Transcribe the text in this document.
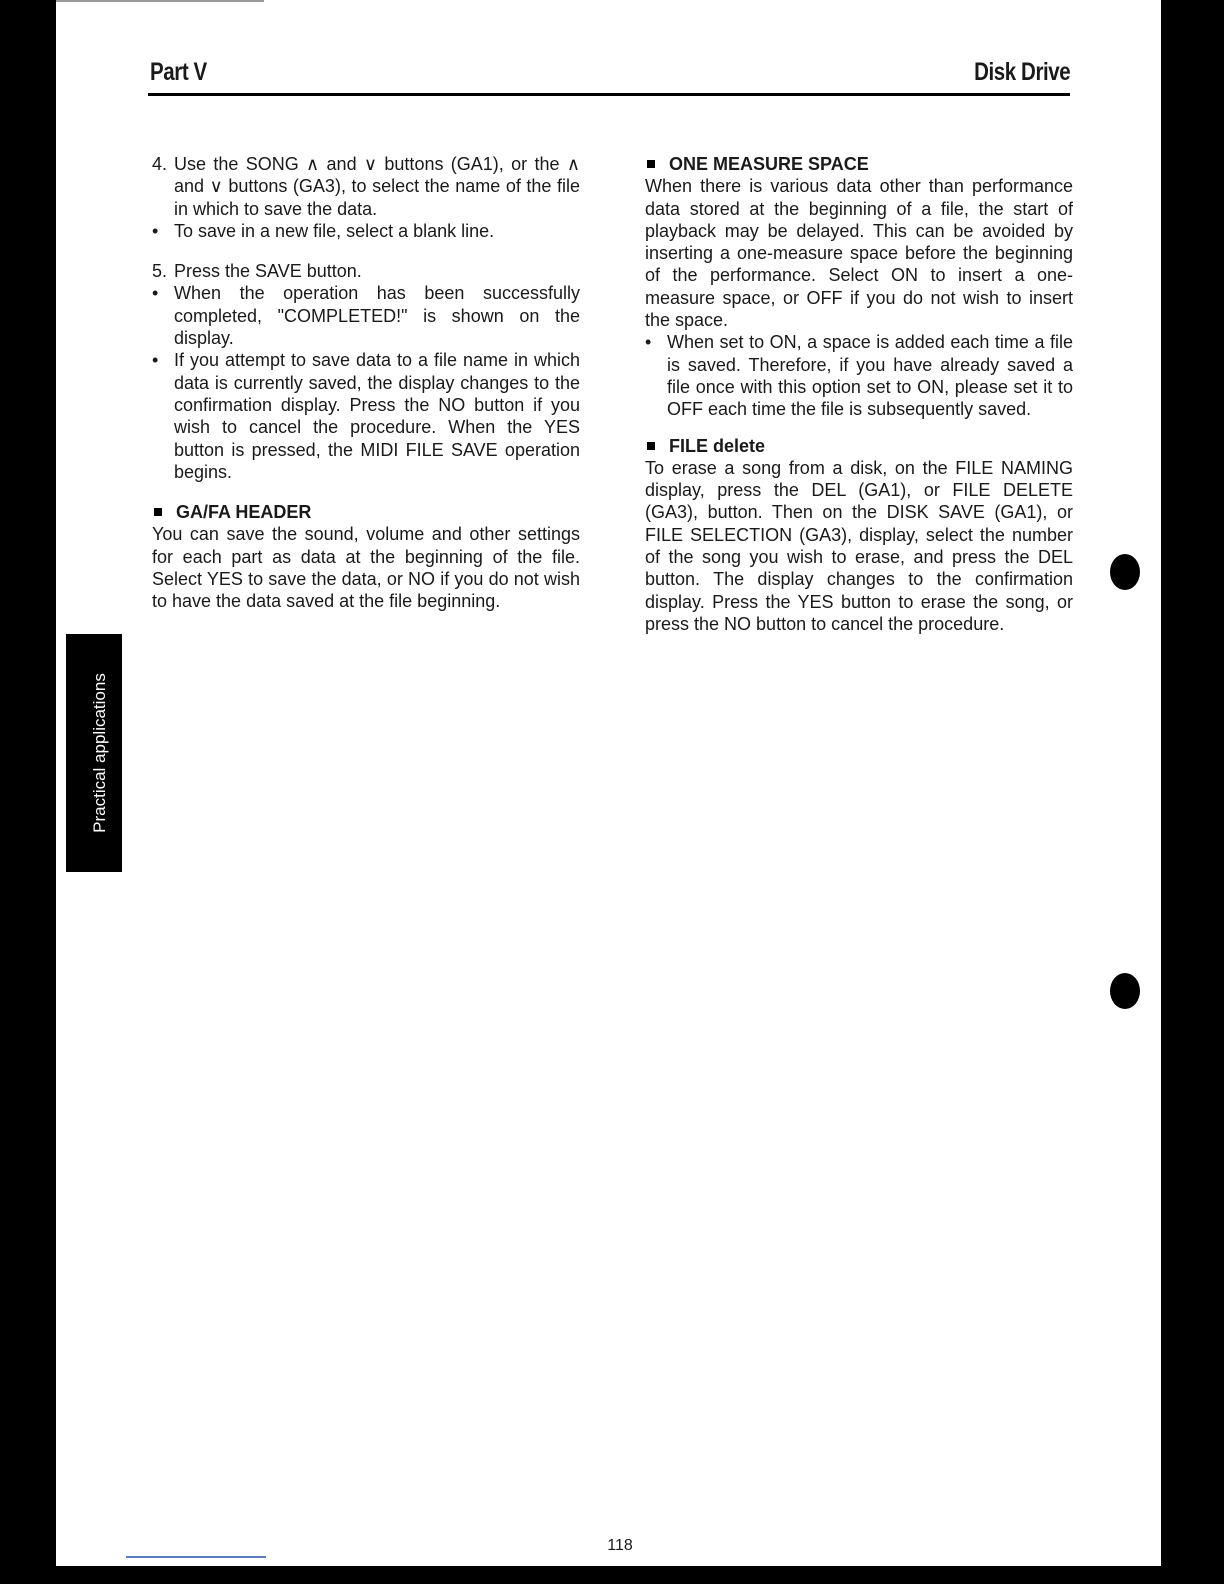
Part V	Disk Drive
Practical applications
4. Use the SONG ∧ and ∨ buttons (GA1), or the ∧ and ∨ buttons (GA3), to select the name of the file in which to save the data.
• To save in a new file, select a blank line.
5. Press the SAVE button.
• When the operation has been successfully completed, "COMPLETED!" is shown on the display.
• If you attempt to save data to a file name in which data is currently saved, the display changes to the confirmation display. Press the NO button if you wish to cancel the procedure. When the YES button is pressed, the MIDI FILE SAVE operation begins.
GA/FA HEADER
You can save the sound, volume and other settings for each part as data at the beginning of the file. Select YES to save the data, or NO if you do not wish to have the data saved at the file beginning.
ONE MEASURE SPACE
When there is various data other than performance data stored at the beginning of a file, the start of playback may be delayed. This can be avoided by inserting a one-measure space before the beginning of the performance. Select ON to insert a one-measure space, or OFF if you do not wish to insert the space.
• When set to ON, a space is added each time a file is saved. Therefore, if you have already saved a file once with this option set to ON, please set it to OFF each time the file is subsequently saved.
FILE delete
To erase a song from a disk, on the FILE NAMING display, press the DEL (GA1), or FILE DELETE (GA3), button. Then on the DISK SAVE (GA1), or FILE SELECTION (GA3), display, select the number of the song you wish to erase, and press the DEL button. The display changes to the confirmation display. Press the YES button to erase the song, or press the NO button to cancel the procedure.
118
